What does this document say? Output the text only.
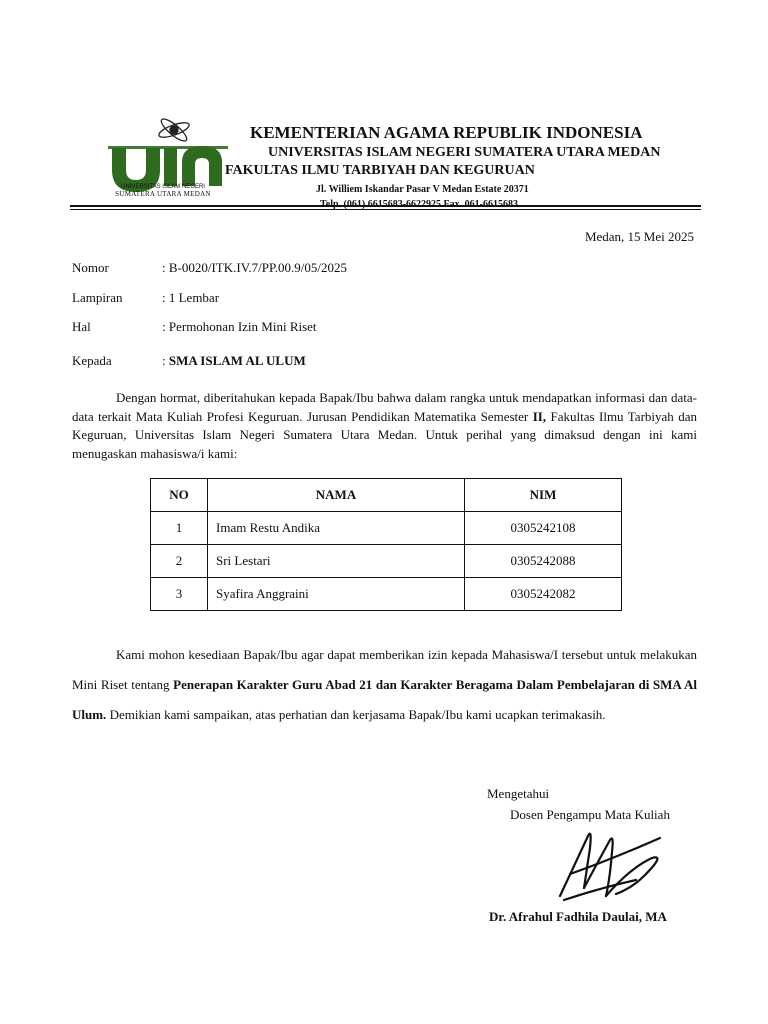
UNIVERSITAS ISLAM NEGERI
SUMATERA UTARA MEDAN
KEMENTERIAN AGAMA REPUBLIK INDONESIA
UNIVERSITAS ISLAM NEGERI SUMATERA UTARA MEDAN
FAKULTAS ILMU TARBIYAH DAN KEGURUAN
Jl. Williem Iskandar Pasar V Medan Estate 20371
Telp. (061) 6615683-6622925 Fax. 061-6615683
Medan, 15 Mei 2025
Nomor	: B-0020/ITK.IV.7/PP.00.9/05/2025
Lampiran	: 1 Lembar
Hal	: Permohonan Izin Mini Riset
Kepada	: SMA ISLAM AL ULUM
Dengan hormat, diberitahukan kepada Bapak/Ibu bahwa dalam rangka untuk mendapatkan informasi dan data-data terkait Mata Kuliah Profesi Keguruan. Jurusan Pendidikan Matematika Semester II, Fakultas Ilmu Tarbiyah dan Keguruan, Universitas Islam Negeri Sumatera Utara Medan. Untuk perihal yang dimaksud dengan ini kami menugaskan mahasiswa/i kami:
NO	NAMA	NIM
1	Imam Restu Andika	0305242108
2	Sri Lestari	0305242088
3	Syafira Anggraini	0305242082
Kami mohon kesediaan Bapak/Ibu agar dapat memberikan izin kepada Mahasiswa/I tersebut untuk melakukan Mini Riset tentang Penerapan Karakter Guru Abad 21 dan Karakter Beragama Dalam Pembelajaran di SMA Al Ulum. Demikian kami sampaikan, atas perhatian dan kerjasama Bapak/Ibu kami ucapkan terimakasih.
Mengetahui
Dosen Pengampu Mata Kuliah
Dr. Afrahul Fadhila Daulai, MA
